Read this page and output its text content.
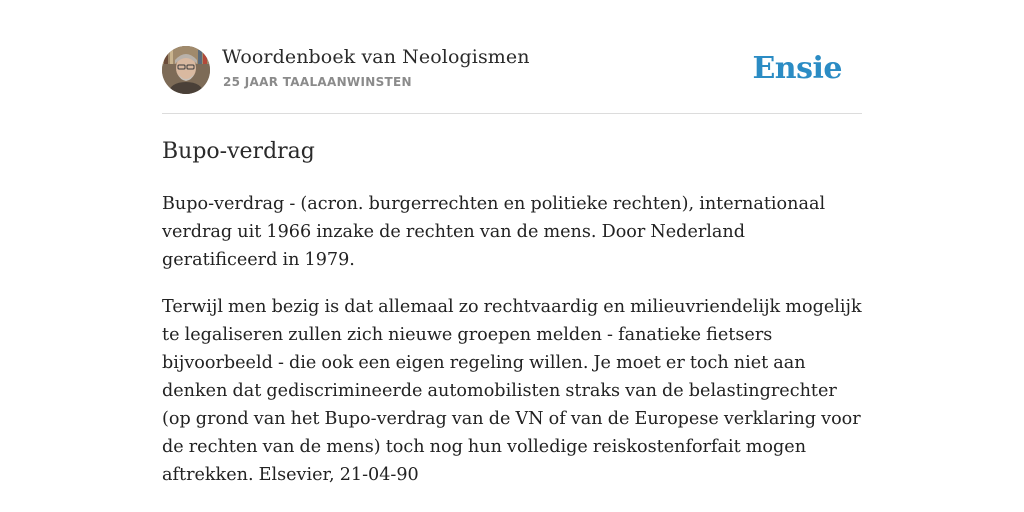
Woordenboek van Neologismen
25 JAAR TAALAANWINSTEN	Ensie
Bupo-verdrag
Bupo-verdrag - (acron. burgerrechten en politieke rechten), internationaal verdrag uit 1966 inzake de rechten van de mens. Door Nederland geratificeerd in 1979.
Terwijl men bezig is dat allemaal zo rechtvaardig en milieuvriendelijk mogelijk te legaliseren zullen zich nieuwe groepen melden - fanatieke fietsers bijvoorbeeld - die ook een eigen regeling willen. Je moet er toch niet aan denken dat gediscrimineerde automobilisten straks van de belastingrechter (op grond van het Bupo-verdrag van de VN of van de Europese verklaring voor de rechten van de mens) toch nog hun volledige reiskostenforfait mogen aftrekken. Elsevier, 21-04-90
